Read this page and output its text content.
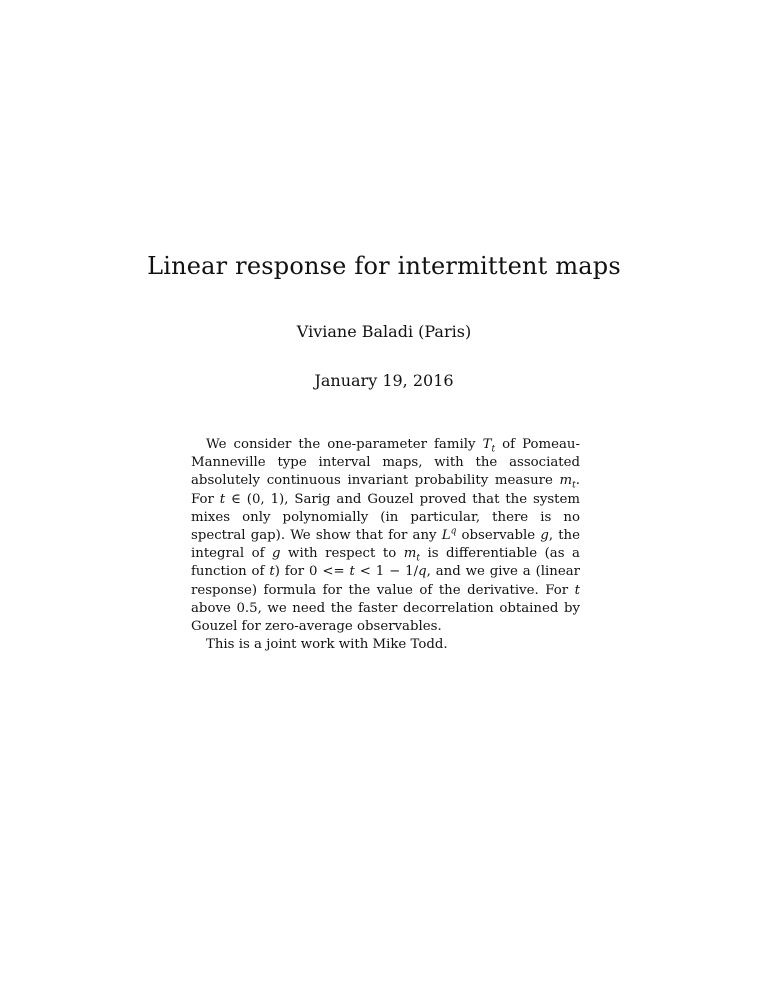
Linear response for intermittent maps
Viviane Baladi (Paris)
January 19, 2016

We consider the one-parameter family $T_t$ of Pomeau-Manneville type interval maps, with the associated absolutely continuous invariant probability measure $m_t$. For t ∈ (0, 1), Sarig and Gouzel proved that the system mixes only polynomially (in particular, there is no spectral gap). We show that for any $L^q$ observable g, the integral of g with respect to $m_t$ is differentiable (as a function of t) for 0 <= t < 1 − 1/q, and we give a (linear response) formula for the value of the derivative. For t above 0.5, we need the faster decorrelation obtained by Gouzel for zero-average observables.

This is a joint work with Mike Todd.
